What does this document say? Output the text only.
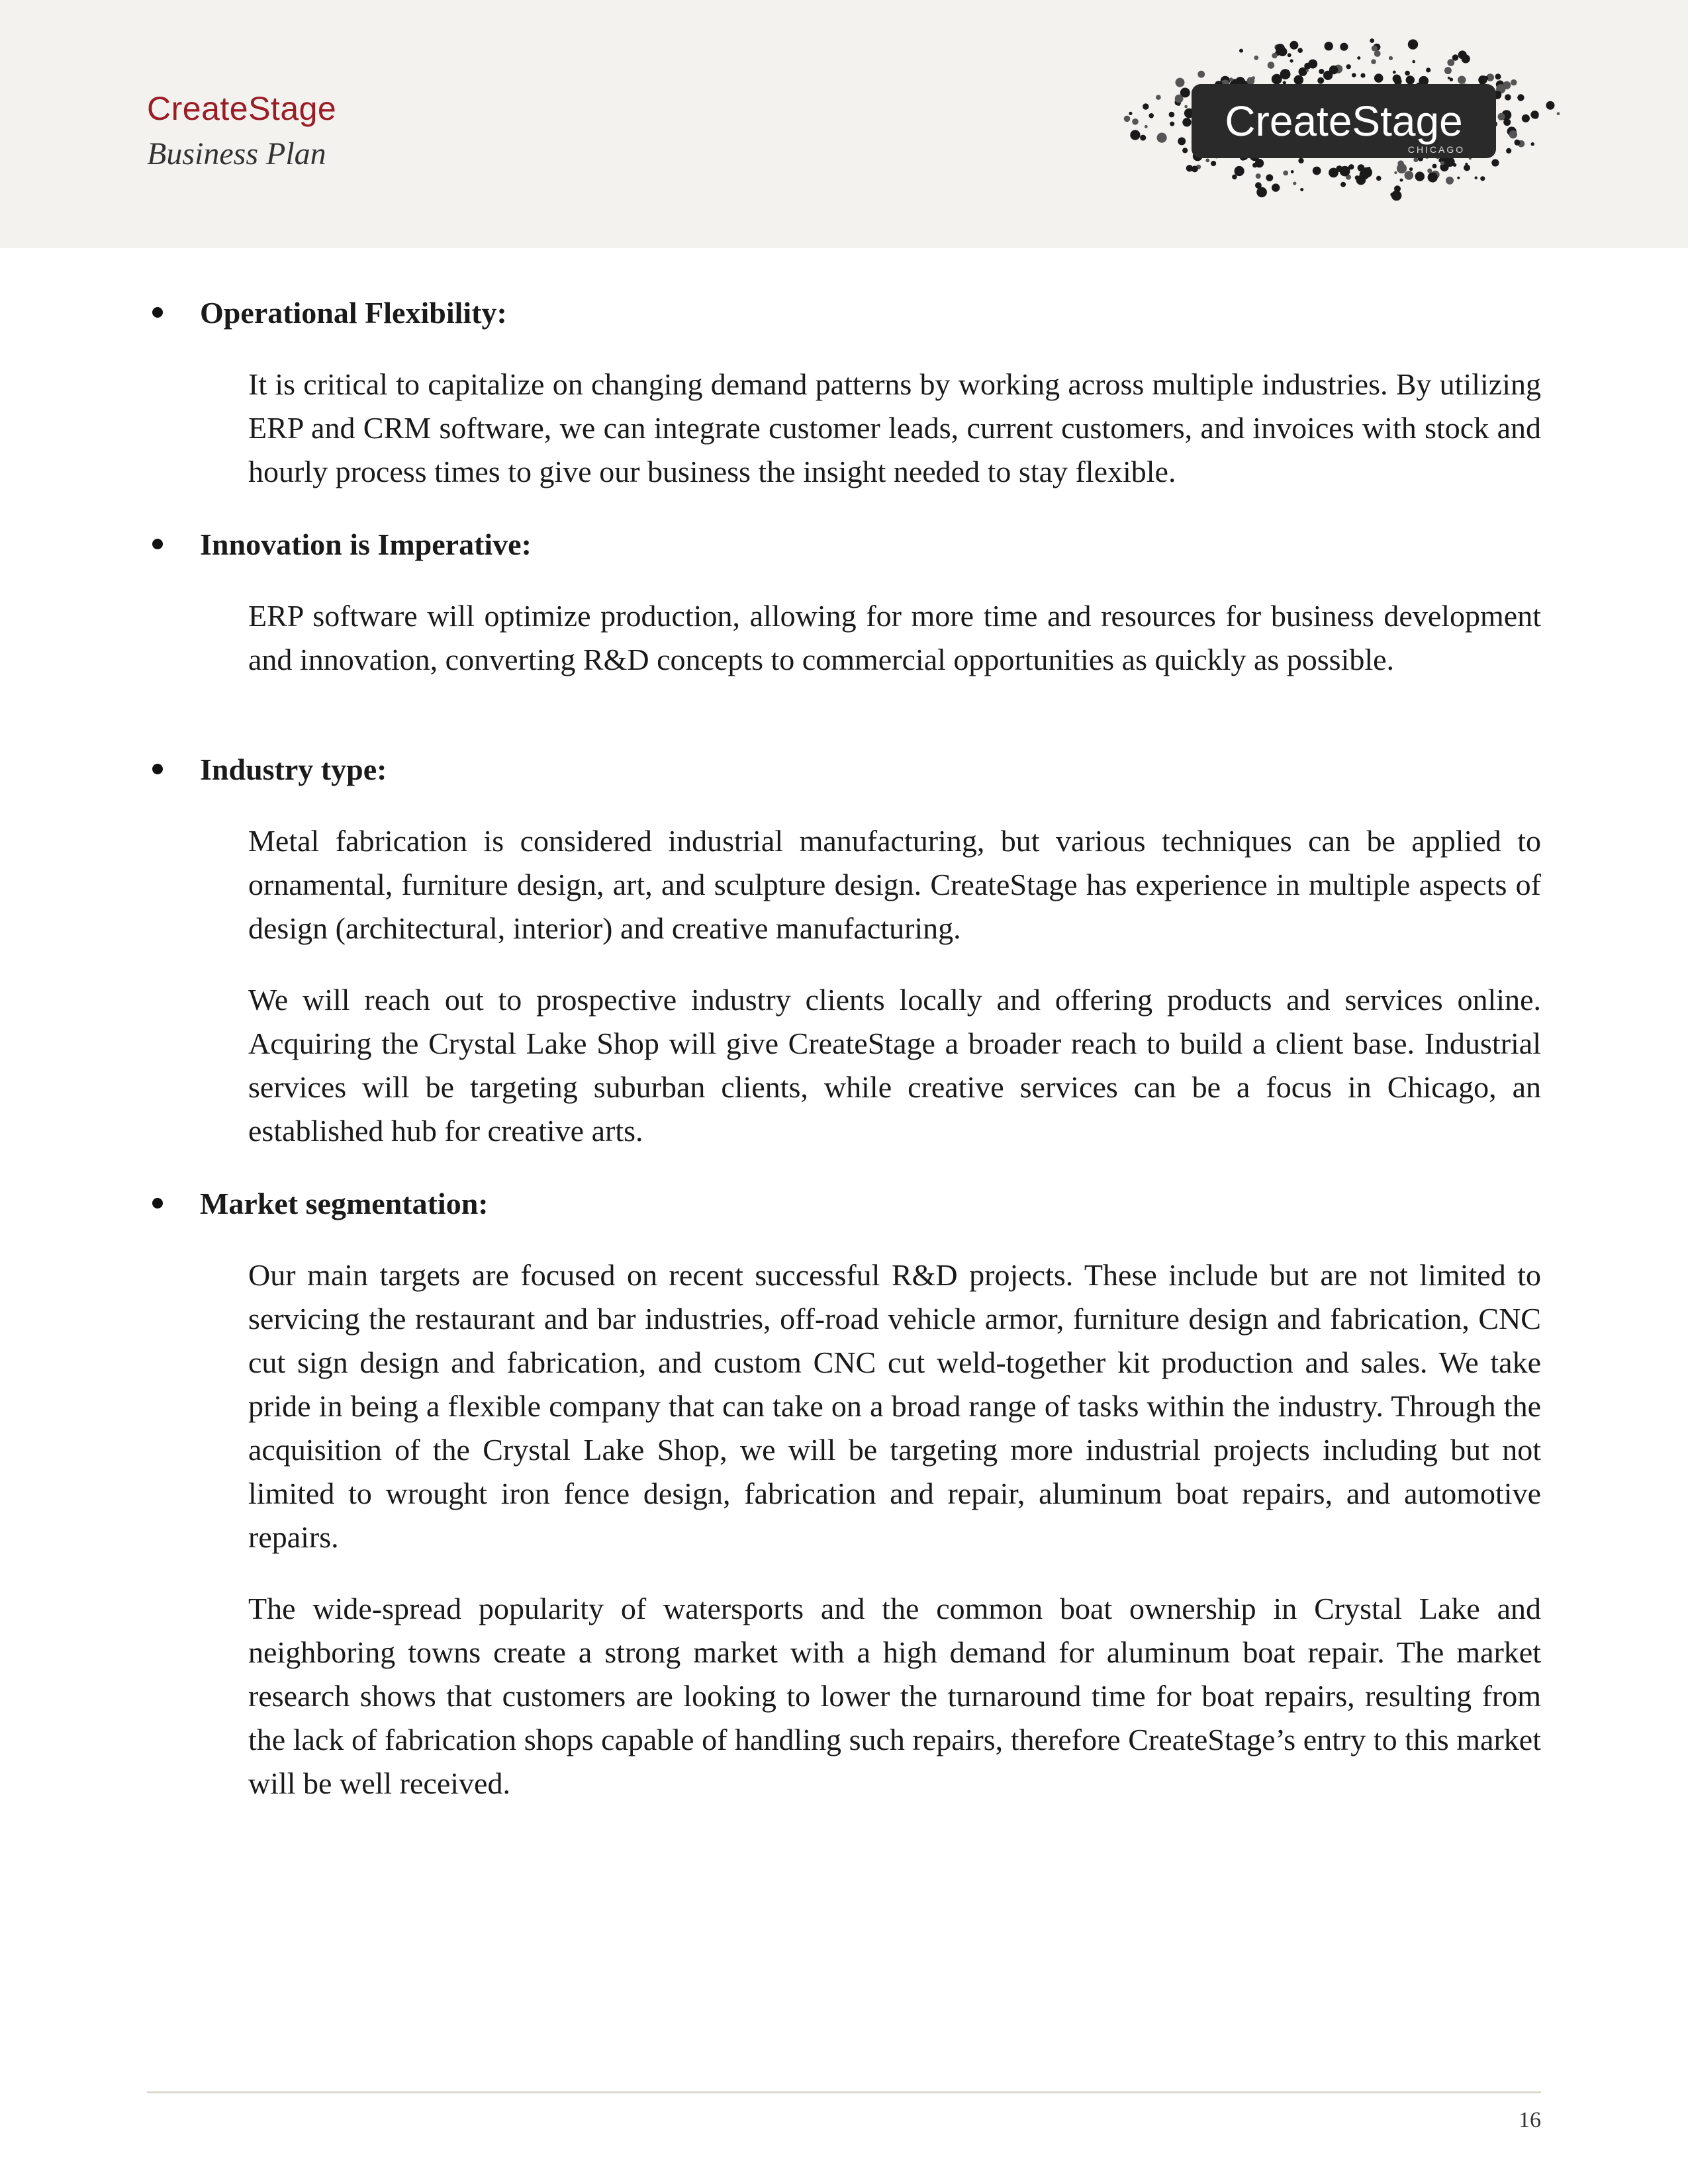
CreateStage
Business Plan
CreateStage
CHICAGO
Operational Flexibility:

It is critical to capitalize on changing demand patterns by working across multiple industries. By utilizing ERP and CRM software, we can integrate customer leads, current customers, and invoices with stock and hourly process times to give our business the insight needed to stay flexible.

Innovation is Imperative:

ERP software will optimize production, allowing for more time and resources for business development and innovation, converting R&D concepts to commercial opportunities as quickly as possible.

Industry type:

Metal fabrication is considered industrial manufacturing, but various techniques can be applied to ornamental, furniture design, art, and sculpture design. CreateStage has experience in multiple aspects of design (architectural, interior) and creative manufacturing.

We will reach out to prospective industry clients locally and offering products and services online. Acquiring the Crystal Lake Shop will give CreateStage a broader reach to build a client base. Industrial services will be targeting suburban clients, while creative services can be a focus in Chicago, an established hub for creative arts.

Market segmentation:

Our main targets are focused on recent successful R&D projects. These include but are not limited to servicing the restaurant and bar industries, off-road vehicle armor, furniture design and fabrication, CNC cut sign design and fabrication, and custom CNC cut weld-together kit production and sales. We take pride in being a flexible company that can take on a broad range of tasks within the industry. Through the acquisition of the Crystal Lake Shop, we will be targeting more industrial projects including but not limited to wrought iron fence design, fabrication and repair, aluminum boat repairs, and automotive repairs.

The wide-spread popularity of watersports and the common boat ownership in Crystal Lake and neighboring towns create a strong market with a high demand for aluminum boat repair. The market research shows that customers are looking to lower the turnaround time for boat repairs, resulting from the lack of fabrication shops capable of handling such repairs, therefore CreateStage’s entry to this market will be well received.

16
